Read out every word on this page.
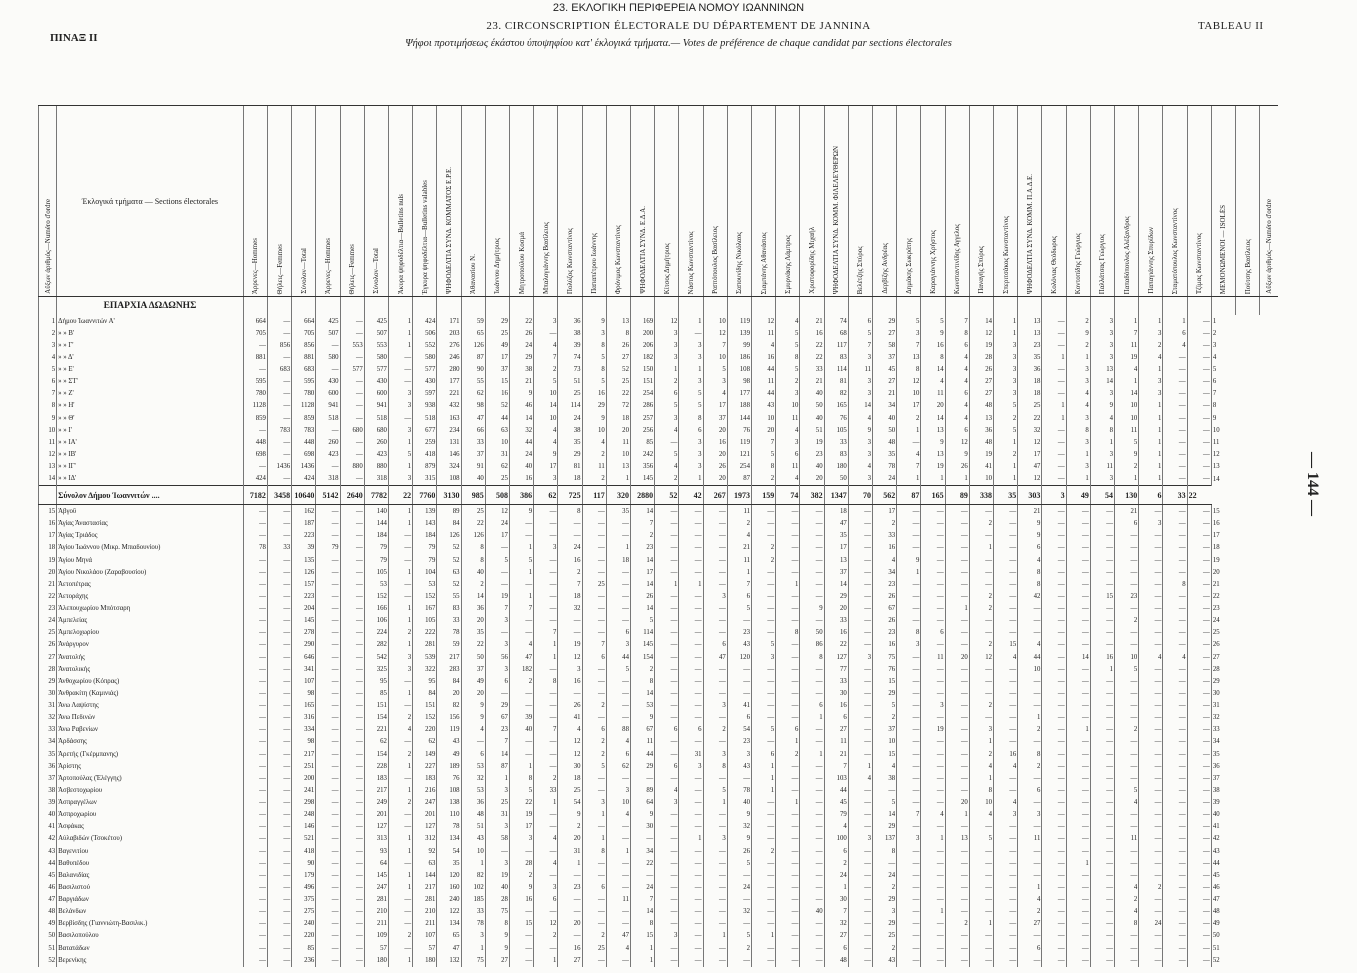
23. ΕΚΛΟΓΙΚΗ ΠΕΡΙΦΕΡΕΙΑ ΝΟΜΟΥ ΙΩΑΝΝΙΝΩΝ
ΠΙΝΑΞ ΙΙ
23. CIRCONSCRIPTION ÉLECTORALE DU DÉPARTEMENT DE JANNINA	TABLEAU II
Ψήφοι προτιμήσεως έκάστου ύποψηφίου κατ' έκλογικά τμήματα.— Votes de préférence de chaque candidat par sections électorales
— 144 —
Αΰξων άριθμός—Numéro d'ordre	Έκλογικά τμήματα — Sections électorales	Άρρενες—Hommes	Θήλεις—Femmes	Σύνολον—Total	Άρρενες—Hommes	Θήλεις—Femmes	Σύνολον—Total	Άκυρα ψηφοδέλτια—Bulletins nuls	Έγκυρα ψηφοδέλτια—Bulletins valables	ΨΗΦΟΔΕΛΤΙΑ ΣΥΝΔ. ΚΟΜΜΑΤΟΣ Ε.Ρ.Ε.	Άθανασίου Ν.	Ίωάννου Δημήτριος	Μητροπούλου Κοσμά	Μπαλογιάννης Βασίλειος	Πολύζος Κωνσταντίνος	Παπαπέτρου Ιωάννης	Φρόνιμος Κωνσταντίνος	ΨΗΦΟΔΕΛΤΙΑ ΣΥΝΔ. Ε.Δ.Α.	Κίτσος Δημήτριος	Νάστος Κωνσταντίνος	Ραπτόπουλος Βασίλειος	Σαπουνίδης Νικόλαος	Σιαμπάνης Αθανάσιος	Σμυρνάκης Λάμπρος	Χριστοφορίδης Μιχαήλ	ΨΗΦΟΔΕΛΤΙΑ ΣΥΝΔ. ΚΟΜΜ. ΦΙΛΕΛΕΥΘΕΡΩΝ	Βελέτζης Σπύρος	Δερβίζης Ανδρέας	Δημάκης Σωκράτης	Καραγιάννης Χρήστος	Κωνσταντινίδης Αγγελος	Παναγής Σπύρος	Σπεριτσάκος Κωνσταντίνος	ΨΗΦΟΔΕΛΤΙΑ ΣΥΝΔ. ΚΟΜΜ. Π.Α.Δ.Ε.	Κολόνιας Θεόδωρος	Κοντοπίδης Γεώργιος	Παλλάτσας Γεώργιος	Παπαδόπουλος Αλέξανδρος	Παπαγιάννης Σπυρίδων	Σταματόπουλος Κωνσταντίνος	Τζίμας Κωνσταντίνος	ΜΕΜΟΝΩΜΕΝΟΙ — ISOLÉS	Πούτσης Βασίλειος	Αΰξων άριθμός—Numéro d'ordre
	ΕΠΑΡΧΙΑ ΔΩΔΩΝΗΣ																																											
1	Δήμου Ίωαννιτών Α'	664	—	664	425	—	425	1	424	171	59	29	22	3	36	9	13	169	12	1	10	119	12	4	21	74	6	29	5	5	7	14	1	13	—	2	3	1	1	1	—	1		
2	» » Β'	705	—	705	507	—	507	1	506	203	65	25	26	—	38	3	8	200	3	—	12	139	11	5	16	68	5	27	3	9	8	12	1	13	—	9	3	7	3	6	—	2		
3	» » Γ'	—	856	856	—	553	553	1	552	276	126	49	24	4	39	8	26	206	3	3	7	99	4	5	22	117	7	58	7	16	6	19	3	23	—	2	3	11	2	4	—	3		
4	» » Δ'	881	—	881	580	—	580	—	580	246	87	17	29	7	74	5	27	182	3	3	10	186	16	8	22	83	3	37	13	8	4	28	3	35	1	1	3	19	4	—	—	4		
5	» » Ε'	—	683	683	—	577	577	—	577	280	90	37	38	2	73	8	52	150	1	1	5	108	44	5	33	114	11	45	8	14	4	26	3	36	—	3	13	4	1	—	—	5		
6	» » ΣΤ'	595	—	595	430	—	430	—	430	177	55	15	21	5	51	5	25	151	2	3	3	98	11	2	21	81	3	27	12	4	4	27	3	18	—	3	14	1	3	—	—	6		
7	» » Ζ'	780	—	780	600	—	600	3	597	221	62	16	9	10	25	16	22	254	6	5	4	177	44	3	40	82	3	21	10	11	6	27	3	18	—	4	3	14	3	—	—	7		
8	» » Η'	1128	—	1128	941	—	941	3	938	432	98	52	46	14	114	29	72	286	5	5	17	188	43	10	50	165	14	34	17	20	4	48	5	25	1	4	9	10	1	—	—	8		
9	» » Θ'	859	—	859	518	—	518	—	518	163	47	44	14	10	24	9	18	257	3	8	37	144	10	11	40	76	4	40	2	14	4	13	2	22	1	3	4	10	1	—	—	9		
10	» » Ι'	—	783	783	—	680	680	3	677	234	66	63	32	4	38	10	20	256	4	6	20	76	20	4	51	105	9	50	1	13	6	36	5	32	—	8	8	11	1	—	—	10		
11	» » ΙΑ'	448	—	448	260	—	260	1	259	131	33	10	44	4	35	4	11	85	—	3	16	119	7	3	19	33	3	48	—	9	12	48	1	12	—	3	1	5	1	—	—	11		
12	» » ΙΒ'	698	—	698	423	—	423	5	418	146	37	31	24	9	29	2	10	242	5	3	20	121	5	6	23	83	3	35	4	13	9	19	2	17	—	1	3	9	1	—	—	12		
13	» » ΙΓ'	—	1436	1436	—	880	880	1	879	324	91	62	40	17	81	11	13	356	4	3	26	254	8	11	40	180	4	78	7	19	26	41	1	47	—	3	11	2	1	—	—	13		
14	» » ΙΔ'	424	—	424	318	—	318	3	315	108	40	25	16	3	18	2	1	145	2	1	20	87	2	4	20	50	3	24	1	1	1	10	1	12	—	1	3	1	1	—	—	14		
	Σύνολον Δήμου Ίωαννιτών ....	7182	3458	10640	5142	2640	7782	22	7760	3130	985	508	386	62	725	117	320	2880	52	42	267	1973	159	74	382	1347	70	562	87	165	89	338	35	303	3	49	54	130	6	33	22			
15	Άβγοΰ	—	—	162	—	—	140	1	139	89	25	12	9	—	8	—	35	14	—	—	—	11	—	—	—	18	—	17	—	—	—	—	—	21	—	—	—	21	—	—	—	15		
16	Άγίας Άναστασίας	—	—	187	—	—	144	1	143	84	22	24	—	—	—	—	—	7	—	—	—	2	—	—	—	47	—	2	—	—	—	2	—	9	—	—	—	6	3	—	—	16		
17	Άγίας Τριάδος	—	—	223	—	—	184	—	184	126	126	17	—	—	—	—	—	2	—	—	—	4	—	—	—	35	—	33	—	—	—	—	—	9	—	—	—	—	—	—	—	17		
18	Άγίου Ίωάννου (Μικρ. Μπιαδουνίου)	78	33	39	79	—	79	—	79	52	8	—	1	3	24	—	1	23	—	—	—	21	2	—	—	17	—	16	—	—	—	1	—	6	—	—	—	—	—	—	—	18		
19	Άγίου Μηνά	—	—	135	—	—	79	—	79	52	8	5	5	—	16	—	18	14	—	—	—	11	2	—	—	13	—	4	9	—	—	—	—	4	—	—	—	—	—	—	—	19		
20	Άγίου Νικολάου (Ζαραβουσίου)	—	—	126	—	—	105	1	104	63	40	—	1	—	2	—	—	17	—	—	—	1	—	—	—	37	—	34	1	—	—	—	—	8	—	—	—	—	—	—	—	20		
21	Άετοπέτρας	—	—	157	—	—	53	—	53	52	2	—	—	—	7	25	—	14	1	1	—	7	—	1	—	14	—	23	—	—	—	—	—	8	—	—	—	—	—	8	—	21		
22	Άετοράχης	—	—	223	—	—	152	—	152	55	14	19	1	—	18	—	—	26	—	—	3	6	—	—	—	29	—	26	—	—	—	2	—	42	—	—	15	23	—	—	—	22		
23	Άλεπουχωρίου Μπότσαρη	—	—	204	—	—	166	1	167	83	36	7	7	—	32	—	—	14	—	—	—	5	—	—	9	20	—	67	—	—	1	2	—	—	—	—	—	—	—	—	—	23		
24	Άμπελείας	—	—	145	—	—	106	1	105	33	20	3	—	—	—	—	—	5	—	—	—	—	—	—	—	33	—	26	—	—	—	—	—	—	—	—	—	2	—	—	—	24		
25	Άμπελοχωρίου	—	—	278	—	—	224	2	222	78	35	—	—	7	—	—	6	114	—	—	—	23	—	8	50	16	—	23	8	6	—	—	—	—	—	—	—	—	—	—	—	25		
26	Άνάργυρον	—	—	290	—	—	282	1	281	59	22	3	4	1	19	7	3	145	—	—	6	43	5	—	86	22	—	16	3	—	—	2	15	4	—	—	—	—	—	—	—	26		
27	Άνατολής	—	—	646	—	—	542	3	539	217	50	56	47	1	12	6	44	154	—	—	47	120	3	—	8	127	3	75	—	11	20	12	4	44	—	14	16	10	4	4	—	27		
28	Άνατολικής	—	—	341	—	—	325	3	322	283	37	3	182	—	3	—	5	2	—	—	—	—	—	—	—	77	—	76	—	—	—	—	—	10	—	—	1	5	—	—	—	28		
29	Άνθοχωρίου (Κόπρας)	—	—	107	—	—	95	—	95	84	49	6	2	8	16	—	—	8	—	—	—	—	—	—	—	33	—	15	—	—	—	—	—	—	—	—	—	—	—	—	—	29		
30	Άνθρακίτη (Καμινιάς)	—	—	98	—	—	85	1	84	20	20	—	—	—	—	—	—	14	—	—	—	—	—	—	—	30	—	29	—	—	—	—	—	—	—	—	—	—	—	—	—	30		
31	Άνω Λαψίστης	—	—	165	—	—	151	—	151	82	9	29	—	—	26	2	—	53	—	—	3	41	—	—	6	16	—	5	—	3	—	2	—	—	—	—	—	—	—	—	—	31		
32	Άνω Πεδινών	—	—	316	—	—	154	2	152	156	9	67	39	—	41	—	—	9	—	—	—	6	—	—	1	6	—	2	—	—	—	—	—	1	—	—	—	—	—	—	—	32		
33	Άνω Ραβενίων	—	—	334	—	—	221	4	220	119	4	23	40	7	4	6	88	67	6	6	2	54	5	6	—	27	—	37	—	19	—	3	—	2	—	1	—	2	—	—	—	33		
34	Άρδάσσης	—	—	98	—	—	62	—	62	43	—	7	—	—	12	2	4	11	—	—	—	23	—	1	—	11	—	10	—	—	—	1	—	—	—	—	—	—	—	—	—	34		
35	Άρετής (Γκέρμπανης)	—	—	217	—	—	154	2	149	49	6	14	—	—	12	2	6	44	—	31	3	3	6	2	1	21	—	15	—	—	—	2	16	8	—	—	—	—	—	—	—	35		
36	Άρίστης	—	—	251	—	—	228	1	227	189	53	87	1	—	30	5	62	29	6	3	8	43	1	—	—	7	1	4	—	—	—	4	4	2	—	—	—	—	—	—	—	36		
37	Άρτοπούλας (Έλέγγης)	—	—	200	—	—	183	—	183	76	32	1	8	2	18	—	—	—	—	—	—	—	1	—	—	103	4	38	—	—	—	1	—	—	—	—	—	—	—	—	—	37		
38	Άσβεστοχωρίου	—	—	241	—	—	217	1	216	108	53	3	5	33	25	—	3	89	4	—	5	78	1	—	—	44	—	—	—	—	—	8	—	6	—	—	—	5	—	—	—	38		
39	Άσπραγγέλων	—	—	298	—	—	249	2	247	138	36	25	22	1	54	3	10	64	3	—	1	40	—	1	—	45	—	5	—	—	20	10	4	—	—	—	—	4	—	—	—	39		
40	Άσπροχωρίου	—	—	248	—	—	201	—	201	110	48	31	19	—	9	1	4	9	—	—	—	9	—	—	—	79	—	14	7	4	1	4	3	3	—	—	—	—	—	—	—	40		
41	Άσφάκας	—	—	146	—	—	127	—	127	78	51	3	17	—	2	—	—	30	—	—	—	32	—	—	—	4	—	29	—	—	—	—	—	—	—	—	—	—	—	—	—	41		
42	Αύλαβιδών (Τσοκέτου)	—	—	521	—	—	313	1	312	134	43	58	3	4	20	1	—	—	—	1	3	9	—	—	—	100	3	137	3	1	13	5	—	11	—	—	—	11	—	—	—	42		
43	Βαγενιτίου	—	—	418	—	—	93	1	92	54	10	—	—	—	31	8	1	34	—	—	—	26	2	—	—	6	—	8	—	—	—	—	—	—	—	—	—	—	—	—	—	43		
44	Βαθυπέδου	—	—	90	—	—	64	—	63	35	1	3	28	4	1	—	—	22	—	—	—	5	—	—	—	2	—	—	—	—	—	—	—	—	—	1	—	—	—	—	—	44		
45	Βαλανιδίας	—	—	179	—	—	145	1	144	120	82	19	2	—	—	—	—	—	—	—	—	—	—	—	—	24	—	24	—	—	—	—	—	—	—	—	—	—	—	—	—	45		
46	Βασιλιστού	—	—	496	—	—	247	1	217	160	102	40	9	3	23	6	—	24	—	—	—	24	—	—	—	1	—	2	—	—	—	—	—	1	—	—	—	4	2	—	—	46		
47	Βαργιάδων	—	—	375	—	—	281	—	281	240	185	28	16	6	—	—	11	7	—	—	—	—	—	—	—	30	—	29	—	—	—	—	—	4	—	—	—	2	—	—	—	47		
48	Βελάνδων	—	—	275	—	—	210	—	210	122	33	75	—	—	—	—	—	14	—	—	—	32	—	—	40	7	—	3	—	1	—	—	—	2	—	—	—	4	—	—	—	48		
49	Βερβίσδης (Γιαννιώτη-Βασιλικ.)	—	—	240	—	—	211	—	211	134	78	8	15	12	20	—	—	8	—	—	—	—	—	—	—	32	—	29	—	—	2	1	—	27	—	—	—	8	24	—	—	49		
50	Βασιλοπούλου	—	—	220	—	—	109	2	107	65	3	9	—	2	—	2	47	15	3	—	1	5	1	—	—	27	—	25	—	—	—	—	—	—	—	—	—	—	—	—	—	50		
51	Βατατάδων	—	—	85	—	—	57	—	57	47	1	9	—	—	16	25	4	1	—	—	—	2	—	—	—	6	—	2	—	—	—	—	—	6	—	—	—	—	—	—	—	51		
52	Βερενίκης	—	—	236	—	—	180	1	180	132	75	27	—	1	27	—	—	1	—	—	—	—	—	—	—	48	—	43	—	—	—	—	—	—	—	—	—	—	—	—	—	52		
